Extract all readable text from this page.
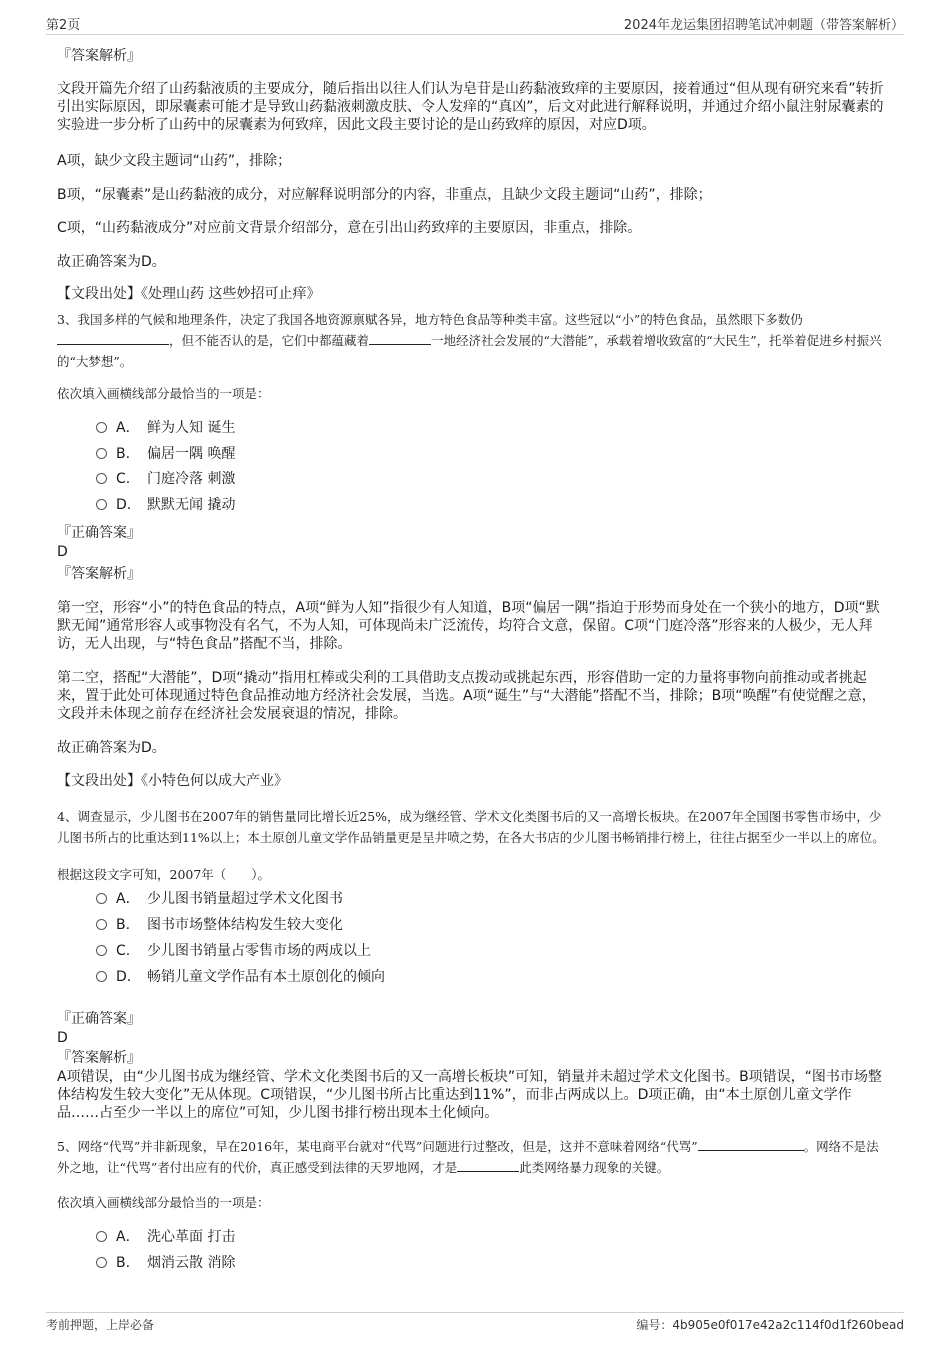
第2页	2024年龙运集团招聘笔试冲刺题（带答案解析）
『答案解析』
文段开篇先介绍了山药黏液质的主要成分，随后指出以往人们认为皂苷是山药黏液致痒的主要原因，接着通过“但从现有研究来看”转折引出实际原因，即尿囊素可能才是导致山药黏液刺激皮肤、令人发痒的“真凶”，后文对此进行解释说明，并通过介绍小鼠注射尿囊素的实验进一步分析了山药中的尿囊素为何致痒，因此文段主要讨论的是山药致痒的原因，对应D项。
A项，缺少文段主题词“山药”，排除；
B项，“尿囊素”是山药黏液的成分，对应解释说明部分的内容，非重点，且缺少文段主题词“山药”，排除；
C项，“山药黏液成分”对应前文背景介绍部分，意在引出山药致痒的主要原因，非重点，排除。
故正确答案为D。
【文段出处】《处理山药 这些妙招可止痒》
3、我国多样的气候和地理条件，决定了我国各地资源禀赋各异，地方特色食品等种类丰富。这些冠以“小”的特色食品，虽然眼下多数仍，但不能否认的是，它们中都蕴藏着	一地经济社会发展的“大潜能”，承载着增收致富的“大民生”，托举着促进乡村振兴的“大梦想”。
依次填入画横线部分最恰当的一项是：
A． 鲜为人知 诞生
B. 偏居一隅 唤醒
C. 门庭冷落 刺激
D. 默默无闻 撬动
『正确答案』
D
『答案解析』
第一空，形容“小”的特色食品的特点，A项“鲜为人知”指很少有人知道，B项“偏居一隅”指迫于形势而身处在一个狭小的地方，D项“默默无闻”通常形容人或事物没有名气，不为人知，可体现尚未广泛流传，均符合文意，保留。C项“门庭冷落”形容来的人极少，无人拜访，无人出现，与“特色食品”搭配不当，排除。
第二空，搭配“大潜能”，D项“撬动”指用杠棒或尖利的工具借助支点拨动或挑起东西，形容借助一定的力量将事物向前推动或者挑起来，置于此处可体现通过特色食品推动地方经济社会发展，当选。A项“诞生”与“大潜能”搭配不当，排除；B项“唤醒”有使觉醒之意，文段并未体现之前存在经济社会发展衰退的情况，排除。
故正确答案为D。
【文段出处】《小特色何以成大产业》
4、调查显示，少儿图书在2007年的销售量同比增长近25%，成为继经管、学术文化类图书后的又一高增长板块。在2007年全国图书零售市场中，少儿图书所占的比重达到11%以上；本土原创儿童文学作品销量更是呈井喷之势，在各大书店的少儿图书畅销排行榜上，往往占据至少一半以上的席位。
根据这段文字可知，2007年（　　）。
A． 少儿图书销量超过学术文化图书
B. 图书市场整体结构发生较大变化
C. 少儿图书销量占零售市场的两成以上
D. 畅销儿童文学作品有本土原创化的倾向
『正确答案』
D
『答案解析』
A项错误，由“少儿图书成为继经管、学术文化类图书后的又一高增长板块”可知，销量并未超过学术文化图书。B项错误，“图书市场整体结构发生较大变化”无从体现。C项错误，“少儿图书所占比重达到11%”，而非占两成以上。D项正确，由“本土原创儿童文学作品……占至少一半以上的席位”可知，少儿图书排行榜出现本土化倾向。
5、网络“代骂”并非新现象，早在2016年，某电商平台就对“代骂”问题进行过整改，但是，这并不意味着网络“代骂”	。网络不是法外之地，让“代骂”者付出应有的代价，真正感受到法律的天罗地网，才是	此类网络暴力现象的关键。
依次填入画横线部分最恰当的一项是：
A． 洗心革面 打击
B. 烟消云散 消除
考前押题，上岸必备	编号：4b905e0f017e42a2c114f0d1f260bead
